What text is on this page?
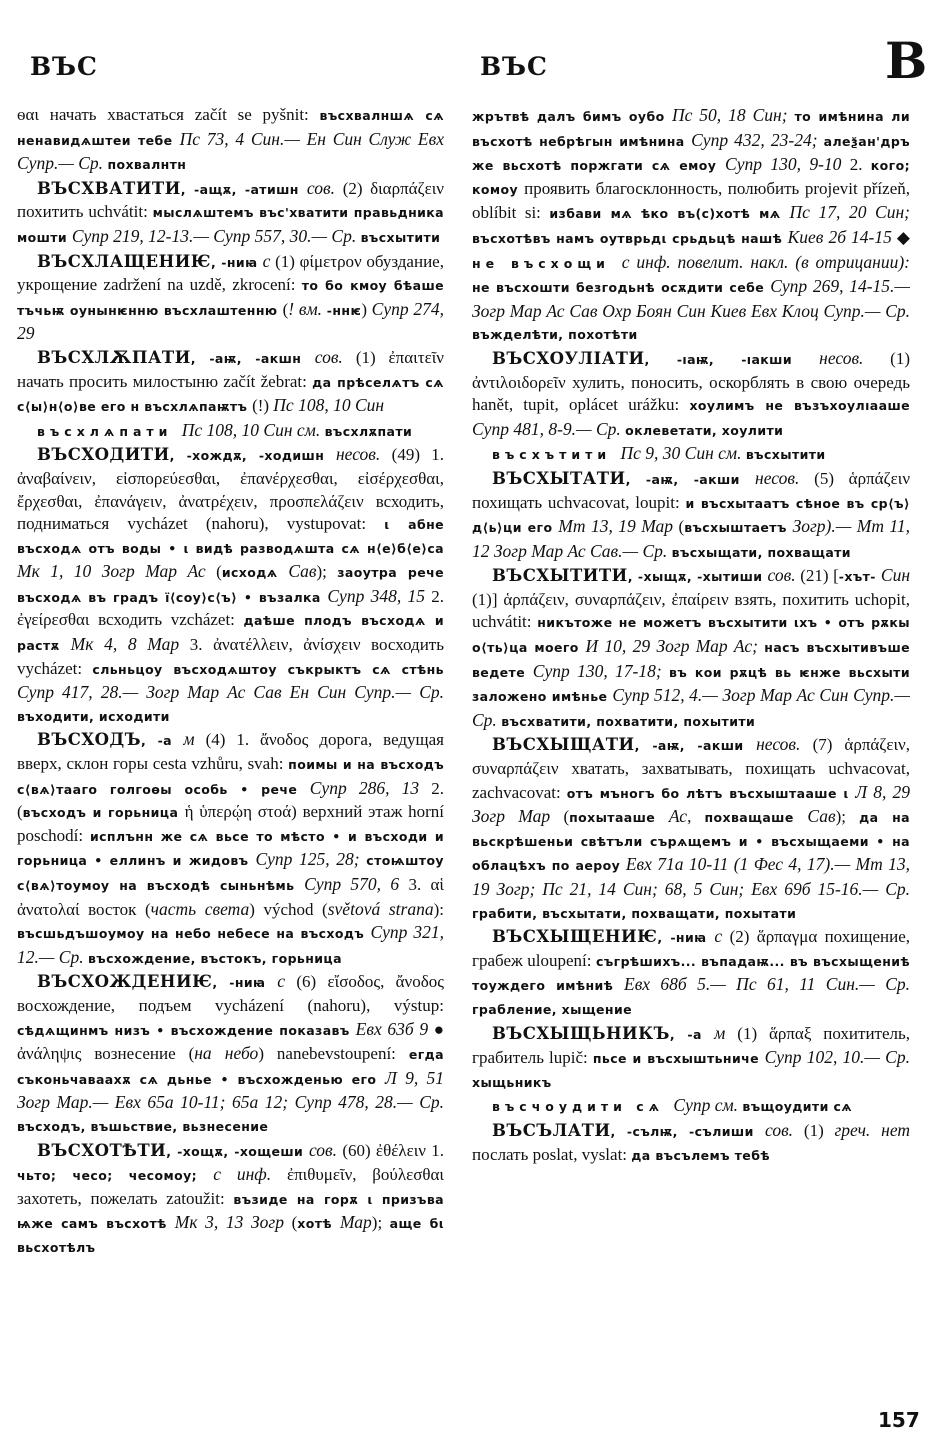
ВЪС	ВЪС	В

ѳαι начать хвастаться začít se pyšnit: въсхвалншѧ сѧ ненавидѧштеи тебе Пс 73, 4 Син.— Ен Син Служ Евх Супр.— Ср. похвалнтн

ВЪСХВАТИТИ, -ащѫ, -атишн сов. (2) διαρπάζειν похитить uchvátit: мыслѧштемъ въс'хватити правьдника мошти Супр 219, 12-13.— Супр 557, 30.— Ср. въсхытити

ВЪСХЛАЩЕНИѤ, -ниꙗ с (1) φίμετρον обуздание, укрощение zadržení na uzdě, zkrocení: то бо кмоу бѣаше тъчьѭ оунынѥнню въсхлаштенню (! вм. -ннѥ) Супр 274, 29

ВЪСХЛѪПАТИ, -аѭ, -акшн сов. (1) ἐπαιτεῖν начать просить милостыню začít žebrat: да прѣселѧтъ сѧ с⟨ы⟩н⟨о⟩ве его н въсхлѧпаѭтъ (!) Пс 108, 10 Син

въсхлѧпати Пс 108, 10 Син см. въсхлѫпати

ВЪСХОДИТИ, -хождѫ, -ходишн несов. (49) 1. ἀναβαίνειν, εἰσπορεύεσθαι, ἐπανέρχεσθαι, εἰσέρχεσθαι, ἔρχεσθαι, ἐπανάγειν, ἀνατρέχειν, προσπελάζειν всходить, подниматься vycházet (nahoru), vystupovat: ι абне въсходѧ отъ воды • ι видѣ разводѧшта сѧ н⟨е⟩б⟨е⟩са Мк 1, 10 Зогр Мар Ас (исходѧ Сав); заоутра рече въсходѧ въ градъ ї⟨соу⟩с⟨ъ⟩ • възалка Супр 348, 15 2. ἐγείρεσθαι всходить vzcházet: даѣше плодъ въсходѧ и растѫ Мк 4, 8 Мар 3. ἀνατέλλειν, ἀνίσχειν восходить vycházet: сльньцоу въсходѧштоу съкрыктъ сѧ стѣнь Супр 417, 28.— Зогр Мар Ас Сав Ен Син Супр.— Ср. въходити, исходити

ВЪСХОДЪ, -а м (4) 1. ἄνοδος дорога, ведущая вверх, склон горы cesta vzhůru, svah: поимы и на въсходъ с⟨вѧ⟩тааго голгоѳы особь • рече Супр 286, 13 2. (въсходъ и горьница ἡ ὑπερῴη στοά) верхний этаж horní poschodí: исплънн же сѧ вьсе то мѣсто • и въсходи и горьница • еллинъ и жидовъ Супр 125, 28; стоѩштоу с⟨вѧ⟩тоумоу на въсходѣ сыньнѣмь Супр 570, 6 3. αἱ ἀνατολαί восток (часть света) východ (světová strana): въсшьдъшоумоу на небо небесе на въсходъ Супр 321, 12.— Ср. въсхождение, въстокъ, горьница

ВЪСХОЖДЕНИѤ, -ниꙗ с (6) εἴσοδος, ἄνοδος восхождение, подъем vycházení (nahoru), výstup: сѣдѧщинмъ низъ • въсхождение показавъ Евх 63б 9 ● ἀνάληψις вознесение (на небо) nanebevstoupení: егда съконьчаваахѫ сѧ дьньe • въсхожденью его Л 9, 51 Зогр Мар.— Евх 65а 10-11; 65а 12; Супр 478, 28.— Ср. въсходъ, въшьствие, вьзнесение

ВЪСХОТѢТИ, -хощѫ, -хощеши сов. (60) ἐθέλειν 1. чьто; чесо; чесомоу; с инф. ἐπιθυμεῖν, βούλεσθαι захотеть, пожелать zatoužit: възиде на горѫ ι призъва ѩже самъ въсхотѣ Мк 3, 13 Зогр (хотѣ Мар); аще бι вьсхотѣлъ

жрътвѣ далъ бимъ оубо Пс 50, 18 Син; то имѣнина ли въсхотѣ небрѣгын имѣнина Супр 432, 23-24; алеѯан'дръ же вьсхотѣ поржгати сѧ емоу Супр 130, 9-10 2. кого; комоу проявить благосклонность, полюбить projevit přízeň, oblíbit si: избави мѧ ѣко въ(с)хотѣ мѧ Пс 17, 20 Син; въсхотѣвъ намъ оутврьдι срьдьцѣ нашѣ Киев 2б 14-15 ◆ не въсхощи с инф. повелит. накл. (в отрицании): не въсхошти безгодьнѣ осѫдити себе Супр 269, 14-15.— Зогр Мар Ас Сав Охр Боян Син Киев Евх Клоц Супр.— Ср. въжделѣти, похотѣти

ВЪСХОУЛІАТИ, -ıаѭ, -ıакши несов. (1) ἀντιλοιδορεῖν хулить, поносить, оскорблять в свою очередь hanět, tupit, oplácet urážku: хоулимъ не възъхоулıааше Супр 481, 8-9.— Ср. оклеветати, хоулити

въсхътити Пс 9, 30 Син см. въсхытити

ВЪСХЫТАТИ, -аѭ, -акши несов. (5) ἁρπάζειν похищать uchvacovat, loupit: и въсхытаатъ сѣное въ ср⟨ъ⟩д⟨ь⟩ци его Мт 13, 19 Мар (въсхыштаетъ Зогр).— Мт 11, 12 Зогр Мар Ас Сав.— Ср. въсхыщати, похващати

ВЪСХЫТИТИ, -хыщѫ, -хытиши сов. (21) [-хът- Син (1)] ἁρπάζειν, συναρπάζειν, ἐπαίρειν взять, похитить uchopit, uchvátit: никътоже не можетъ въсхытити ιхъ • отъ рѫкы о⟨ть⟩ца моего И 10, 29 Зогр Мар Ас; насъ въсхытивъше ведете Супр 130, 17-18; въ кои рѫцѣ вь ѥнже вьсхыти заложено имѣнье Супр 512, 4.— Зогр Мар Ас Син Супр.— Ср. въсхватити, похватити, похытити

ВЪСХЫЩАТИ, -аѭ, -акши несов. (7) ἁρπάζειν, συναρπάζειν хватать, захватывать, похищать uchvacovat, zachvacovat: отъ мъногъ бо лѣтъ въсхыштааше ι Л 8, 29 Зогр Мар (похытааше Ас, похващаше Сав); да на вьскрѣшеньи свѣтъли сърѧщемъ и • въсхыщаеми • на облацѣхъ по аероу Евх 71а 10-11 (1 Фес 4, 17).— Мт 13, 19 Зогр; Пс 21, 14 Син; 68, 5 Син; Евх 69б 15-16.— Ср. грабити, въсхытати, похващати, похытати

ВЪСХЫЩЕНИѤ, -ниꙗ с (2) ἅρπαγμα похищение, грабеж uloupení: съгрѣшихъ... въпадаѭ... въ въсхыщениѣ тоуждего имѣниѣ Евх 68б 5.— Пс 61, 11 Син.— Ср. грабление, хыщение

ВЪСХЫЩЬНИКЪ, -а м (1) ἅρπαξ похититель, грабитель lupič: пьсе и въсхыштьниче Супр 102, 10.— Ср. хыщьникъ

въсчоудити сѧ Супр см. въщоудити сѧ

ВЪСЪЛАТИ, -сълѭ, -сълиши сов. (1) греч. нет послать poslat, vyslat: да въсълемъ тебѣ

157
